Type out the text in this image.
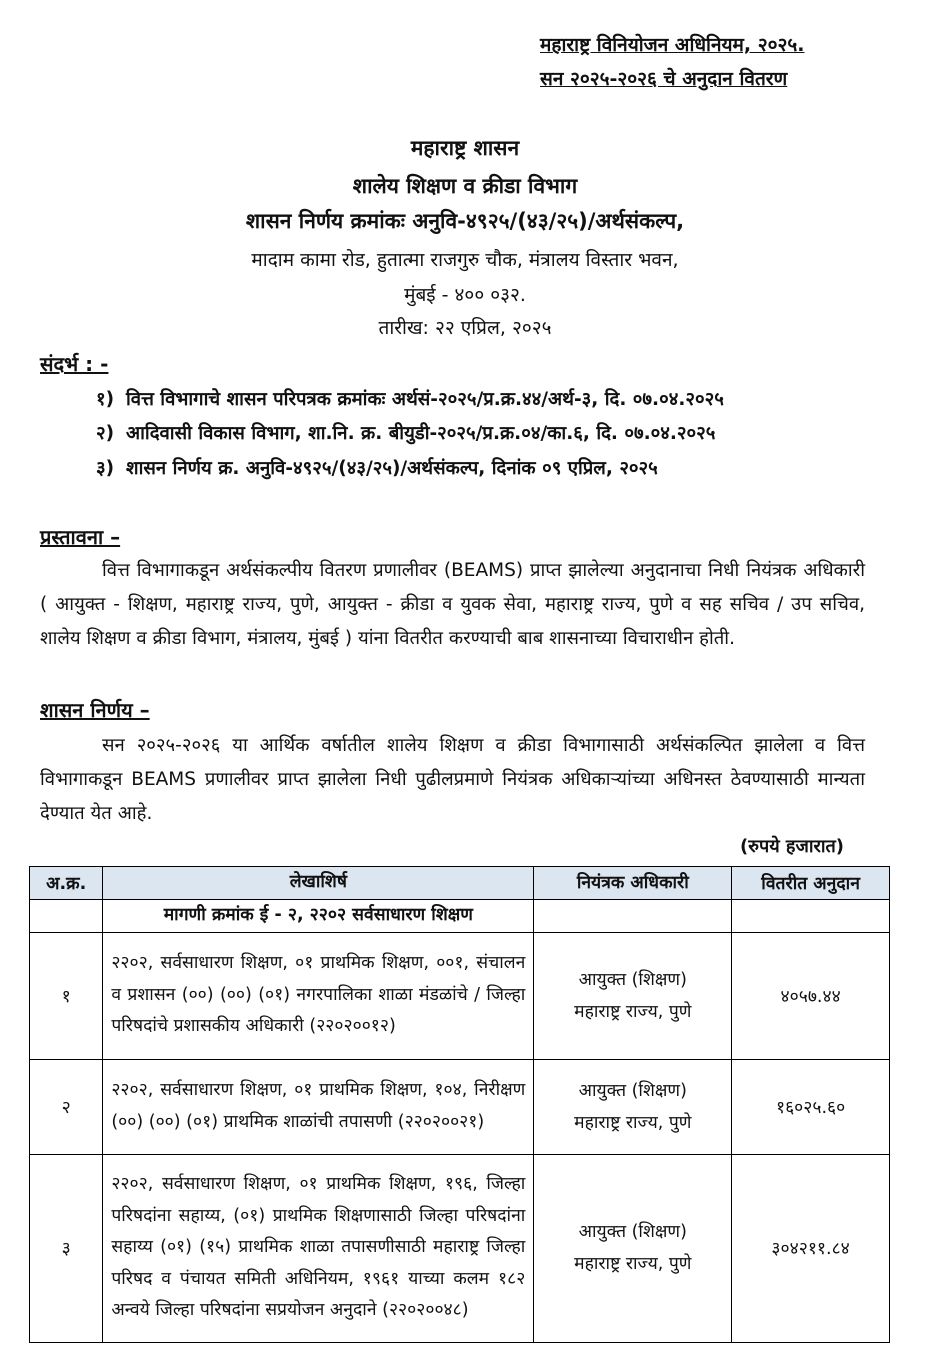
महाराष्ट्र विनियोजन अधिनियम, २०२५.
सन २०२५-२०२६ चे अनुदान वितरण
महाराष्ट्र शासन
शालेय शिक्षण व क्रीडा विभाग
शासन निर्णय क्रमांकः अनुवि-४९२५/(४३/२५)/अर्थसंकल्प,
मादाम कामा रोड, हुतात्मा राजगुरु चौक, मंत्रालय विस्तार भवन,
मुंबई - ४०० ०३२.
तारीख: २२ एप्रिल, २०२५
संदर्भ : -
१) वित्त विभागाचे शासन परिपत्रक क्रमांकः अर्थसं-२०२५/प्र.क्र.४४/अर्थ-३, दि. ०७.०४.२०२५
२) आदिवासी विकास विभाग, शा.नि. क्र. बीयुडी-२०२५/प्र.क्र.०४/का.६, दि. ०७.०४.२०२५
३) शासन निर्णय क्र. अनुवि-४९२५/(४३/२५)/अर्थसंकल्प, दिनांक ०९ एप्रिल, २०२५
प्रस्तावना –
वित्त विभागाकडून अर्थसंकल्पीय वितरण प्रणालीवर (BEAMS) प्राप्त झालेल्या अनुदानाचा निधी नियंत्रक अधिकारी ( आयुक्त - शिक्षण, महाराष्ट्र राज्य, पुणे, आयुक्त - क्रीडा व युवक सेवा, महाराष्ट्र राज्य, पुणे व सह सचिव / उप सचिव, शालेय शिक्षण व क्रीडा विभाग, मंत्रालय, मुंबई ) यांना वितरीत करण्याची बाब शासनाच्या विचाराधीन होती.
शासन निर्णय –
सन २०२५-२०२६ या आर्थिक वर्षातील शालेय शिक्षण व क्रीडा विभागासाठी अर्थसंकल्पित झालेला व वित्त विभागाकडून BEAMS प्रणालीवर प्राप्त झालेला निधी पुढीलप्रमाणे नियंत्रक अधिकाऱ्यांच्या अधिनस्त ठेवण्यासाठी मान्यता देण्यात येत आहे.
(रुपये हजारात)
अ.क्र.	लेखाशिर्ष	नियंत्रक अधिकारी	वितरीत अनुदान
	मागणी क्रमांक ई - २, २२०२ सर्वसाधारण शिक्षण		
१	२२०२, सर्वसाधारण शिक्षण, ०१ प्राथमिक शिक्षण, ००१, संचालन व प्रशासन (००) (००) (०१) नगरपालिका शाळा मंडळांचे / जिल्हा परिषदांचे प्रशासकीय अधिकारी (२२०२००१२)	आयुक्त (शिक्षण)
महाराष्ट्र राज्य, पुणे	४०५७.४४
२	२२०२, सर्वसाधारण शिक्षण, ०१ प्राथमिक शिक्षण, १०४, निरीक्षण (००) (००) (०१) प्राथमिक शाळांची तपासणी (२२०२००२१)	आयुक्त (शिक्षण)
महाराष्ट्र राज्य, पुणे	१६०२५.६०
३	२२०२, सर्वसाधारण शिक्षण, ०१ प्राथमिक शिक्षण, १९६, जिल्हा परिषदांना सहाय्य, (०१) प्राथमिक शिक्षणासाठी जिल्हा परिषदांना सहाय्य (०१) (१५) प्राथमिक शाळा तपासणीसाठी महाराष्ट्र जिल्हा परिषद व पंचायत समिती अधिनियम, १९६१ याच्या कलम १८२ अन्वये जिल्हा परिषदांना सप्रयोजन अनुदाने (२२०२००४८)	आयुक्त (शिक्षण)
महाराष्ट्र राज्य, पुणे	३०४२११.८४
